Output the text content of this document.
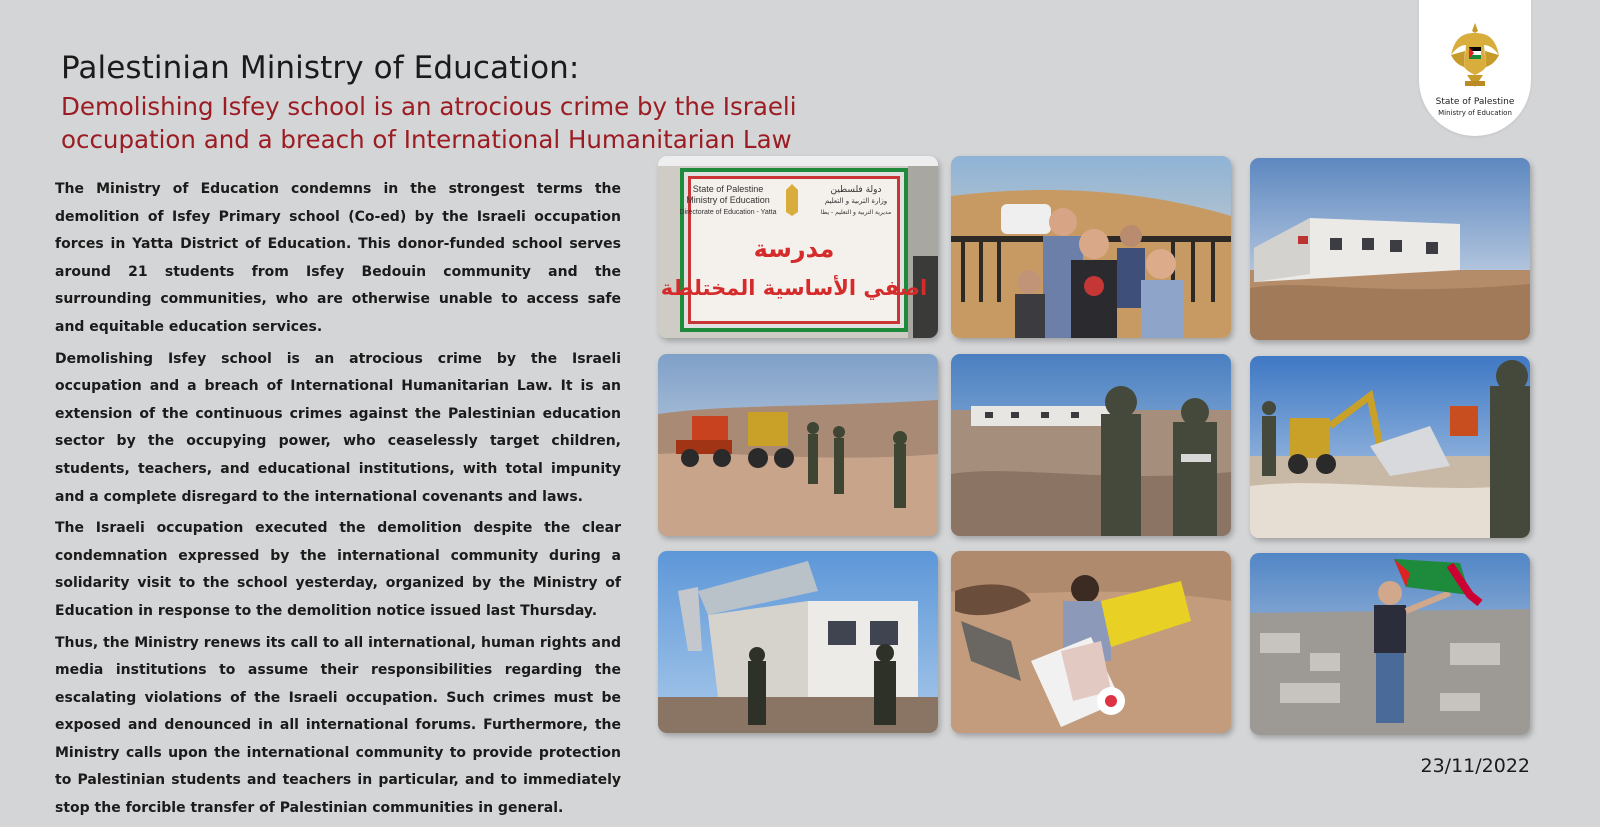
Palestinian Ministry of Education:
Demolishing Isfey school is an atrocious crime by the Israeli occupation and a breach of International Humanitarian Law
State of Palestine
Ministry of Education

The Ministry of Education condemns in the strongest terms the demolition of Isfey Primary school (Co-ed) by the Israeli occupation forces in Yatta District of Education. This donor-funded school serves around 21 students from Isfey Bedouin community and the surrounding communities, who are otherwise unable to access safe and equitable education services.

Demolishing Isfey school is an atrocious crime by the Israeli occupation and a breach of International Humanitarian Law. It is an extension of the continuous crimes against the Palestinian education sector by the occupying power, who ceaselessly target children, students, teachers, and educational institutions, with total impunity and a complete disregard to the international covenants and laws.

The Israeli occupation executed the demolition despite the clear condemnation expressed by the international community during a solidarity visit to the school yesterday, organized by the Ministry of Education in response to the demolition notice issued last Thursday.

Thus, the Ministry renews its call to all international, human rights and media institutions to assume their responsibilities regarding the escalating violations of the Israeli occupation. Such crimes must be exposed and denounced in all international forums. Furthermore, the Ministry calls upon the international community to provide protection to Palestinian students and teachers in particular, and to immediately stop the forcible transfer of Palestinian communities in general.

State of Palestine
Ministry of Education
Directorate of Education - Yatta
دولة فلسطين
وزارة التربية و التعليم
مديرية التربية و التعليم - يطا
مدرسة
اصفي الأساسية المختلطة
23/11/2022
